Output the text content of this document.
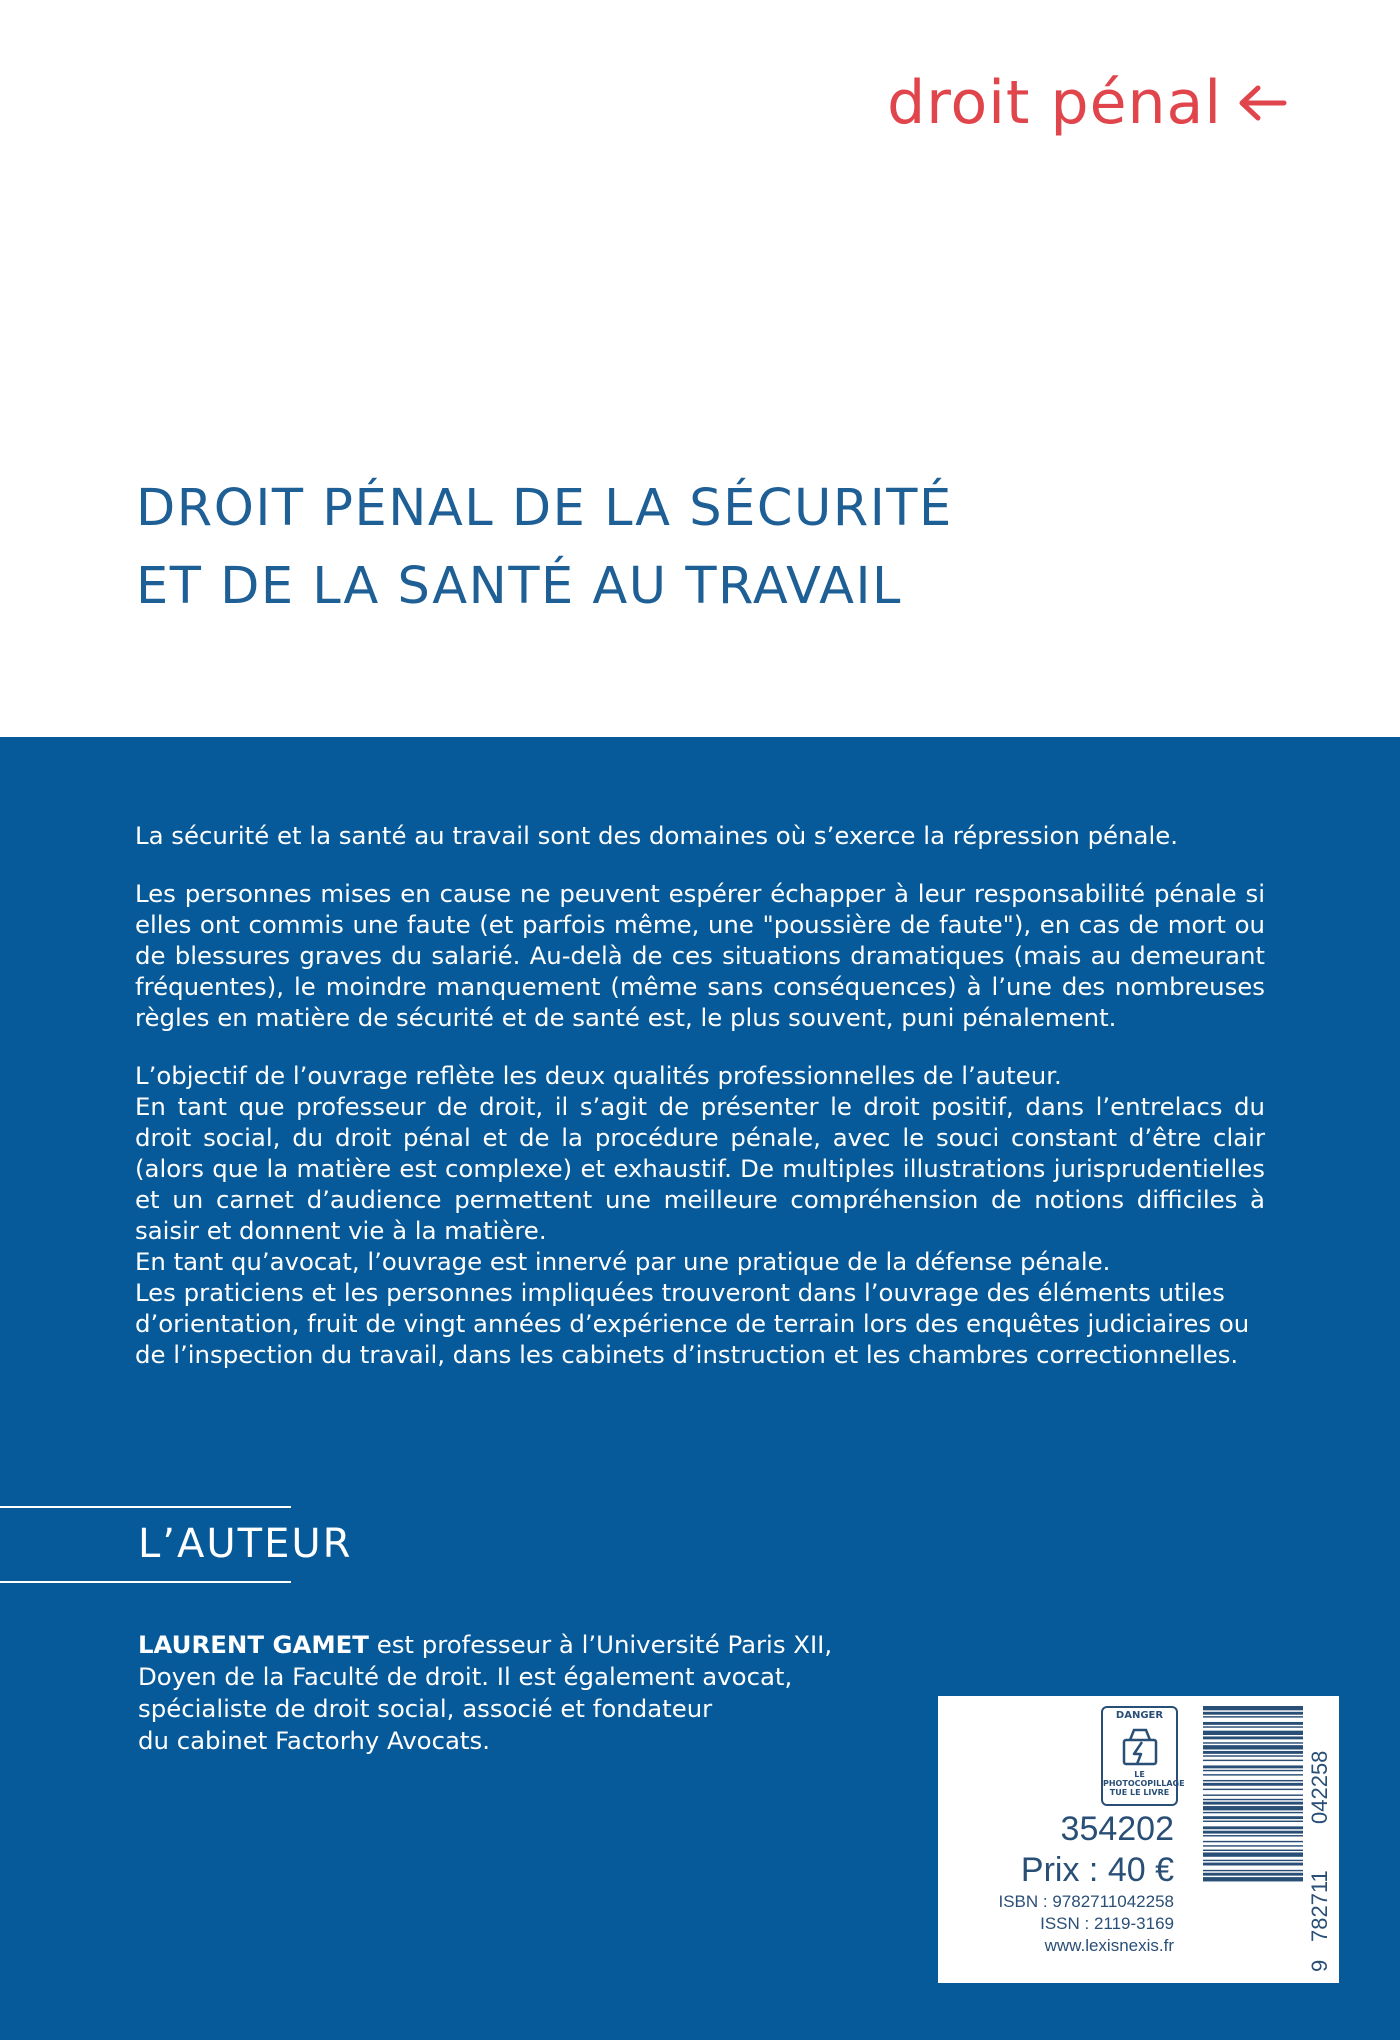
droit pénal
DROIT PÉNAL DE LA SÉCURITÉ
ET DE LA SANTÉ AU TRAVAIL

La sécurité et la santé au travail sont des domaines où s’exerce la répression pénale.

Les personnes mises en cause ne peuvent espérer échapper à leur responsabilité pénale si elles ont commis une faute (et parfois même, une "poussière de faute"), en cas de mort ou de blessures graves du salarié. Au-delà de ces situations dramatiques (mais au demeurant fréquentes), le moindre manquement (même sans conséquences) à l’une des nombreuses règles en matière de sécurité et de santé est, le plus souvent, puni pénalement.

L’objectif de l’ouvrage reflète les deux qualités professionnelles de l’auteur.

En tant que professeur de droit, il s’agit de présenter le droit positif, dans l’entrelacs du droit social, du droit pénal et de la procédure pénale, avec le souci constant d’être clair (alors que la matière est complexe) et exhaustif. De multiples illustrations jurisprudentielles et un carnet d’audience permettent une meilleure compréhension de notions difficiles à saisir et donnent vie à la matière.

En tant qu’avocat, l’ouvrage est innervé par une pratique de la défense pénale.

Les praticiens et les personnes impliquées trouveront dans l’ouvrage des éléments utiles d’orientation, fruit de vingt années d’expérience de terrain lors des enquêtes judiciaires ou de l’inspection du travail, dans les cabinets d’instruction et les chambres correctionnelles.

L’AUTEUR

LAURENT GAMET est professeur à l’Université Paris XII,

Doyen de la Faculté de droit. Il est également avocat,

spécialiste de droit social, associé et fondateur

du cabinet Factorhy Avocats.

DANGER
LE PHOTOCOPILLAGE
TUE LE LIVRE
354202
Prix : 40 €
ISBN : 9782711042258
ISSN : 2119-3169
www.lexisnexis.fr
9
782711
042258
